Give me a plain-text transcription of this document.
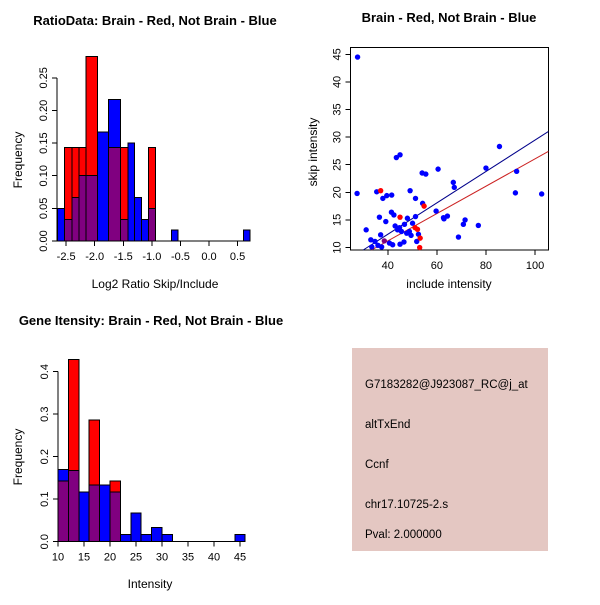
RatioData: Brain - Red, Not Brain - Blue
-2.5 -2.0 -1.5 -1.0 -0.5 0.0 0.5
0.00
0.05
0.10
0.15
0.20
0.25
Log2 Ratio Skip/Include
Frequency
Brain - Red, Not Brain - Blue
40	60	80	100
10
15
20
25
30
35
40
45
include intensity
skip intensity
Gene Itensity: Brain - Red, Not Brain - Blue
10 15 20 25 30 35 40 45
0.0
0.1
0.2
0.3
0.4
Intensity
Frequency
G7183282@J923087_RC@j_at
altTxEnd
Ccnf
chr17.10725-2.s
Pval: 2.000000
